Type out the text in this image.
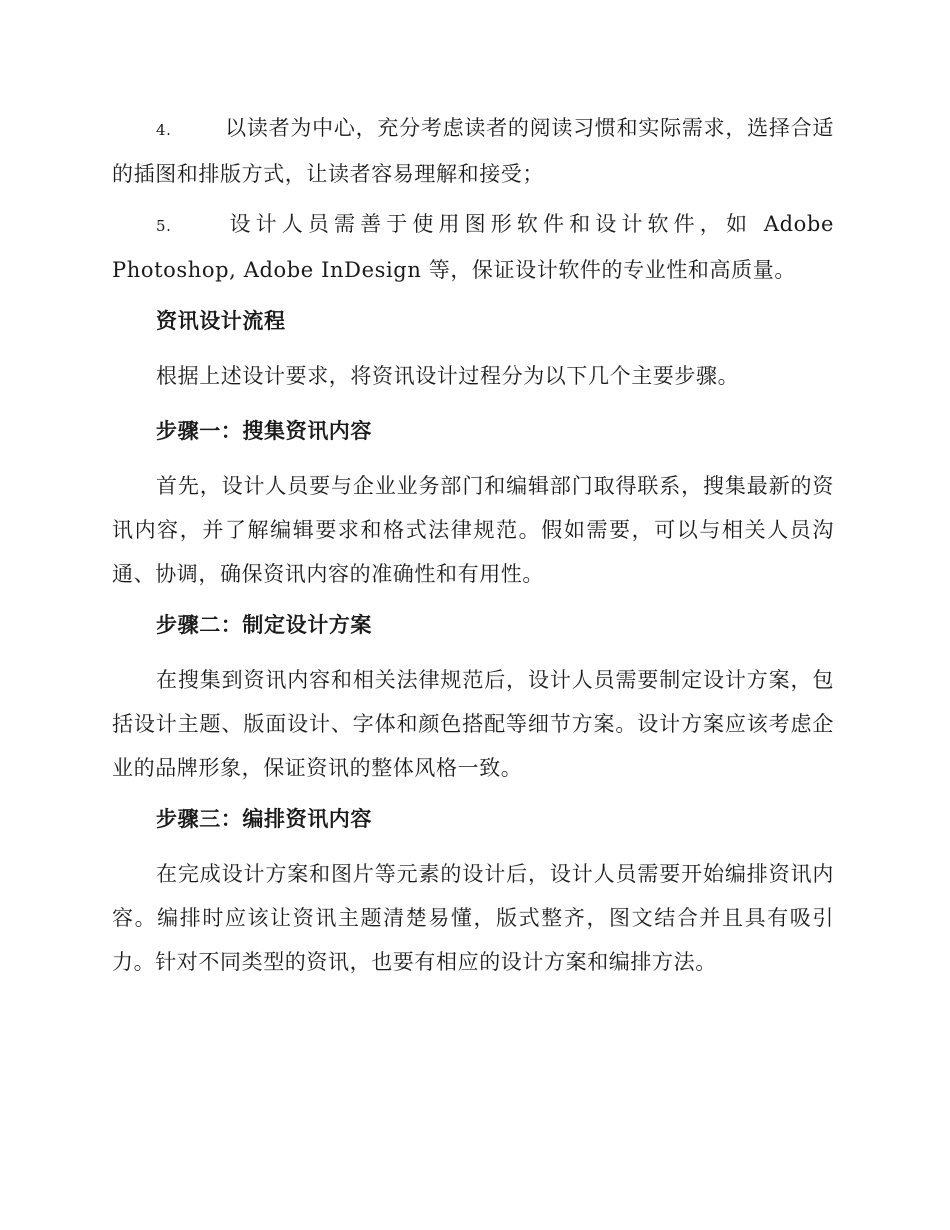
4.	以读者为中心，充分考虑读者的阅读习惯和实际需求，选择合适的插图和排版方式，让读者容易理解和接受；
5.	设计人员需善于使用图形软件和设计软件，如 Adobe Photoshop, Adobe InDesign 等，保证设计软件的专业性和高质量。
资讯设计流程
根据上述设计要求，将资讯设计过程分为以下几个主要步骤。
步骤一：搜集资讯内容
首先，设计人员要与企业业务部门和编辑部门取得联系，搜集最新的资讯内容，并了解编辑要求和格式法律规范。假如需要，可以与相关人员沟通、协调，确保资讯内容的准确性和有用性。
步骤二：制定设计方案
在搜集到资讯内容和相关法律规范后，设计人员需要制定设计方案，包括设计主题、版面设计、字体和颜色搭配等细节方案。设计方案应该考虑企业的品牌形象，保证资讯的整体风格一致。
步骤三：编排资讯内容
在完成设计方案和图片等元素的设计后，设计人员需要开始编排资讯内容。编排时应该让资讯主题清楚易懂，版式整齐，图文结合并且具有吸引力。针对不同类型的资讯，也要有相应的设计方案和编排方法。
